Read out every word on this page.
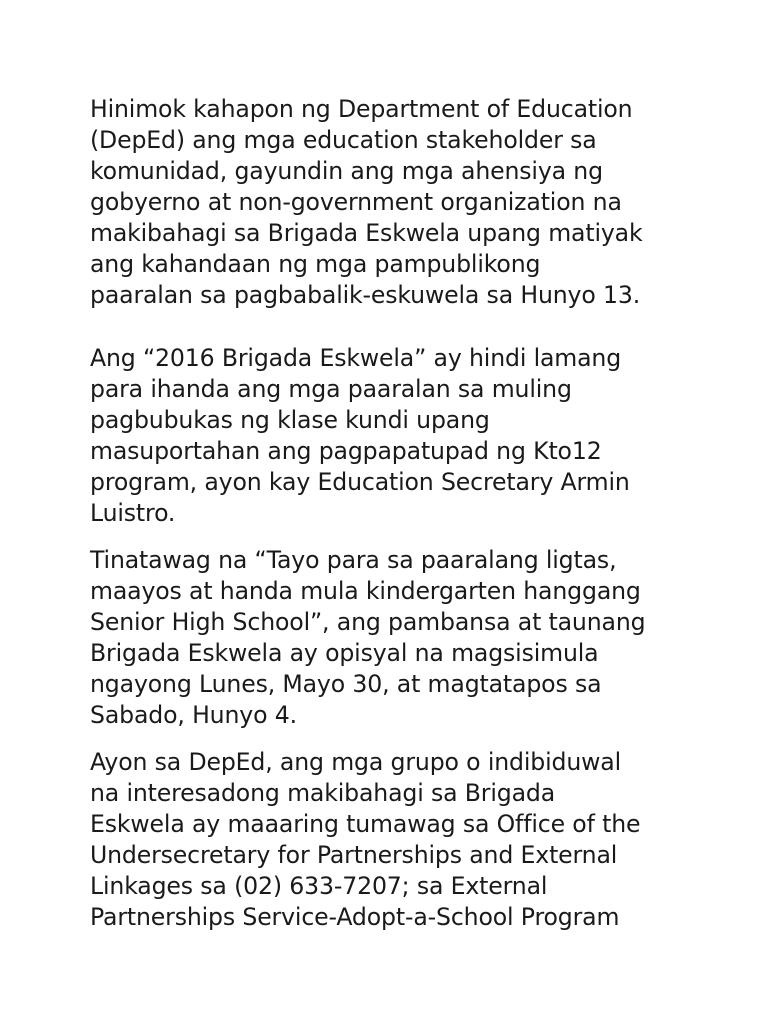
Hinimok kahapon ng Department of Education
(DepEd) ang mga education stakeholder sa
komunidad, gayundin ang mga ahensiya ng
gobyerno at non-government organization na
makibahagi sa Brigada Eskwela upang matiyak
ang kahandaan ng mga pampublikong
paaralan sa pagbabalik-eskuwela sa Hunyo 13.
Ang “2016 Brigada Eskwela” ay hindi lamang
para ihanda ang mga paaralan sa muling
pagbubukas ng klase kundi upang
masuportahan ang pagpapatupad ng Kto12
program, ayon kay Education Secretary Armin
Luistro.
Tinatawag na “Tayo para sa paaralang ligtas,
maayos at handa mula kindergarten hanggang
Senior High School”, ang pambansa at taunang
Brigada Eskwela ay opisyal na magsisimula
ngayong Lunes, Mayo 30, at magtatapos sa
Sabado, Hunyo 4.
Ayon sa DepEd, ang mga grupo o indibiduwal
na interesadong makibahagi sa Brigada
Eskwela ay maaaring tumawag sa Office of the
Undersecretary for Partnerships and External
Linkages sa (02) 633-7207; sa External
Partnerships Service-Adopt-a-School Program
